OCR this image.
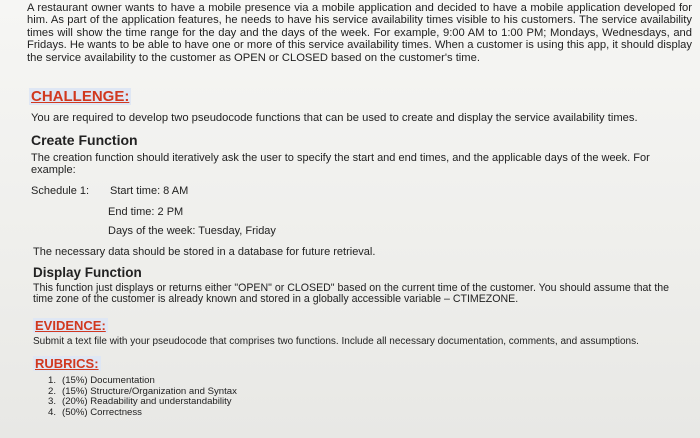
A restaurant owner wants to have a mobile presence via a mobile application and decided to have a mobile application developed for him. As part of the application features, he needs to have his service availability times visible to his customers. The service availability times will show the time range for the day and the days of the week. For example, 9:00 AM to 1:00 PM; Mondays, Wednesdays, and Fridays. He wants to be able to have one or more of this service availability times. When a customer is using this app, it should display the service availability to the customer as OPEN or CLOSED based on the customer's time.

CHALLENGE:

You are required to develop two pseudocode functions that can be used to create and display the service availability times.

Create Function

The creation function should iteratively ask the user to specify the start and end times, and the applicable days of the week. For example:

Schedule 1: Start time: 8 AM
End time: 2 PM
Days of the week: Tuesday, Friday
The necessary data should be stored in a database for future retrieval.
Display Function

This function just displays or returns either "OPEN" or CLOSED" based on the current time of the customer. You should assume that the time zone of the customer is already known and stored in a globally accessible variable – CTIMEZONE.

EVIDENCE:

Submit a text file with your pseudocode that comprises two functions. Include all necessary documentation, comments, and assumptions.

RUBRICS:
1. (15%) Documentation
2. (15%) Structure/Organization and Syntax
3. (20%) Readability and understandability
4. (50%) Correctness
